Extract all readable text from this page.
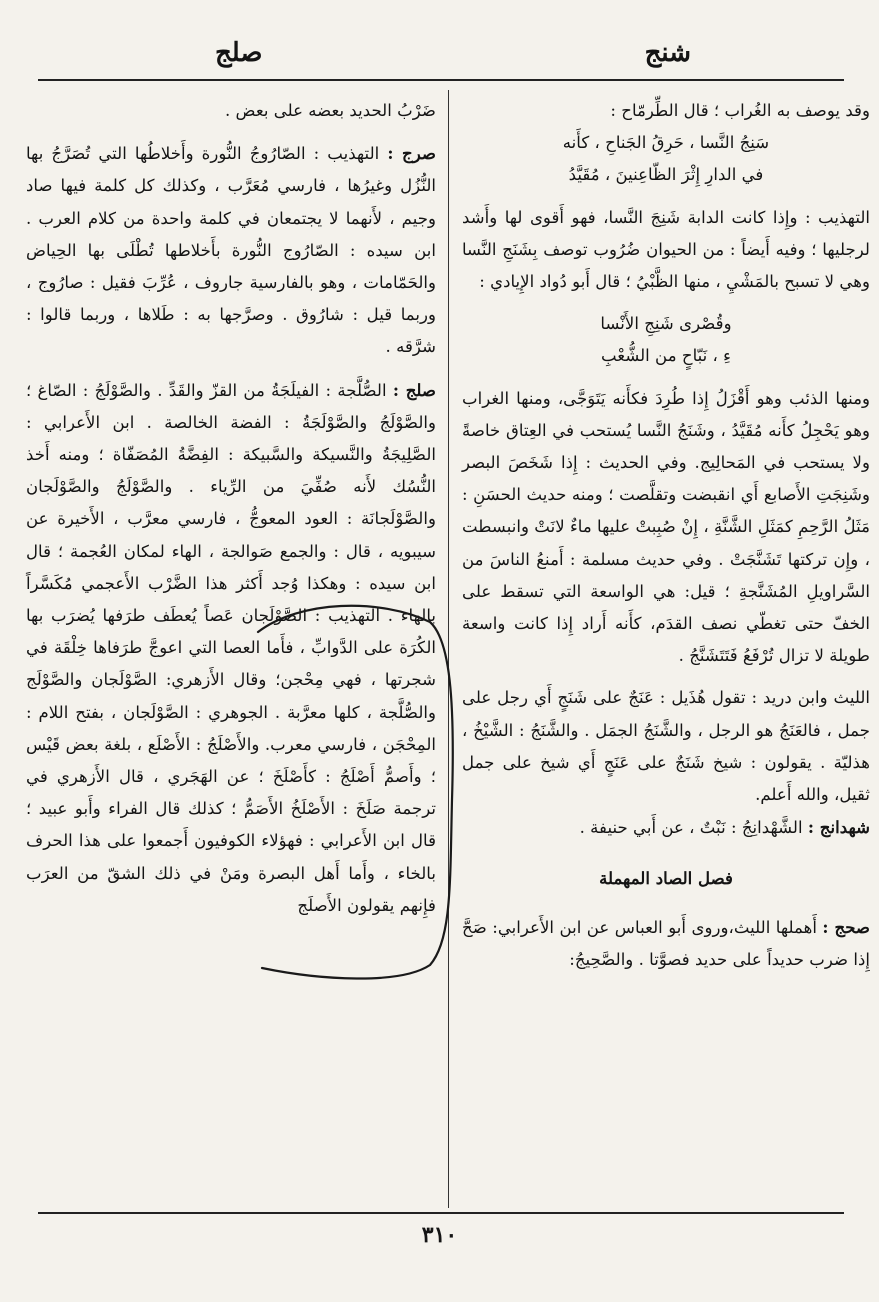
شنج
صلج

وقد يوصف به الغُراب ؛ قال الطِّرمّاح :

سَنِجُ النَّسا ، حَرِقُ الجَناحِ ، كأَنه

في الدارِ إِثْرَ الظّاعِنينَ ، مُقَيَّدُ

التهذيب : وإِذا كانت الدابة شَنِجَ النَّسا، فهو أَقوى لها وأَشد لرجليها ؛ وفيه أَيضاً : من الحيوان ضُرُوب توصف بِشَنَجِ النَّسا وهي لا تسبح بالمَشْيِ ، منها الظَّبْيُ ؛ قال أَبو دُواد الإِيادي :

وقُصْرى شَنِجِ الأَنْسا

ءِ ، نَبّاحٍ من الشُّعْبِ

ومنها الذئب وهو أَقْزَلُ إِذا طُرِدَ فكأَنه يَتَوَجَّى، ومنها الغراب وهو يَحْجِلُ كأَنه مُقَيَّدُ ، وشَنَجُ النَّسا يُستحب في العِتاق خاصةً ولا يستحب في المَحالِيج. وفي الحديث : إِذا شَخَصَ البصر وشَنِجَتِ الأَصابع أَي انقبضت وتقلَّصت ؛ ومنه حديث الحسَنِ : مَثَلُ الرَّحِمِ كمَثَلِ الشَّنَّةِ ، إِنْ صُبِبتْ عليها ماءٌ لانَتْ وانبسطت ، وإِن تركتها تَشَنَّجَتْ . وفي حديث مسلمة : أَمنعُ الناسَ من السَّراويلِ المُشَنَّجةِ ؛ قيل: هي الواسعة التي تسقط على الخفّ حتى تغطّي نصف القدَم، كأَنه أَراد إِذا كانت واسعة طويلة لا تزال تُرْفَعُ فَتَتَشَنَّجُ .

الليث وابن دريد : تقول هُذَيل : عَنَجٌ على شَنَجٍ أَي رجل على جمل ، فالعَنَجُ هو الرجل ، والشَّنَجُ الجمَل . والشَّنَجُ : الشَّيْخُ ، هذليّة . يقولون : شيخ شَنَجٌ على عَنَجٍ أَي شيخ على جمل ثقيل، والله أَعلم.

شهدانج : الشَّهْدانِجُ : نَبْتٌ ، عن أَبي حنيفة .

فصل الصاد المهملة

صحج : أَهملها الليث،وروى أَبو العباس عن ابن الأَعرابي: صَحَّ إِذا ضرب حديداً على حديد فصوَّتا . والصَّحِيجُ:

ضَرْبُ الحديد بعضه على بعض .

صرج : التهذيب : الصّارُوجُ النُّورة وأَخلاطُها التي تُصَرَّجُ بها النُّزُل وغيرُها ، فارسي مُعَرَّب ، وكذلك كل كلمة فيها صاد وجيم ، لأَنهما لا يجتمعان في كلمة واحدة من كلام العرب . ابن سيده : الصّارُوج النُّورة بأَخلاطها تُطْلَى بها الحِياض والحَمّامات ، وهو بالفارسية جاروف ، عُرِّبَ فقيل : صارُوج ، وربما قيل : شارُوق . وصرَّجها به : طَلاها ، وربما قالوا : شرَّقه .

صلج : الصُّلَّجة : الفيلَجَةُ من القزّ والقَدِّ . والصَّوْلَجُ : الصّاغ ؛ والصَّوْلَجُ والصَّوْلَجَةُ : الفضة الخالصة . ابن الأَعرابي : الصَّلِيجَةُ والنَّسيكة والسَّبيكة : الفِضَّةُ المُصَفّاة ؛ ومنه أَخذ النُّسُك لأَنه صُفِّيَ من الرِّياء . والصَّوْلَجُ والصَّوْلَجان والصَّوْلَجانَة : العود المعوجُّ ، فارسي معرَّب ، الأَخيرة عن سيبويه ، قال : والجمع صَوالجة ، الهاء لمكان العُجمة ؛ قال ابن سيده : وهكذا وُجد أَكثر هذا الضَّرْب الأَعجمي مُكَسَّراً بالهاء . التهذيب : الصَّوْلَجان عَصاً يُعطَف طرَفها يُضرَب بها الكُرَة على الدَّوابِّ ، فأَما العصا التي اعوجَّ طرَفاها خِلْقَة في شجرتها ، فهي مِحْجن؛ وقال الأَزهري: الصَّوْلَجان والصَّوْلَج والصُّلَّجة ، كلها معرَّبة . الجوهري : الصَّوْلَجان ، بفتح اللام : المِحْجَن ، فارسي معرب. والأَصْلَجُ : الأَصْلَع ، بلغة بعض قَيْس ؛ وأَصمُّ أَصْلَجُ : كأَصْلَخَ ؛ عن الهَجَري ، قال الأَزهري في ترجمة صَلَخَ : الأَصْلَخُ الأَصَمُّ ؛ كذلك قال الفراء وأَبو عبيد ؛ قال ابن الأَعرابي : فهؤلاء الكوفيون أَجمعوا على هذا الحرف بالخاء ، وأَما أَهل البصرة ومَنْ في ذلك الشقّ من العرَب فإِنهم يقولون الأَصلَج

٣١٠
